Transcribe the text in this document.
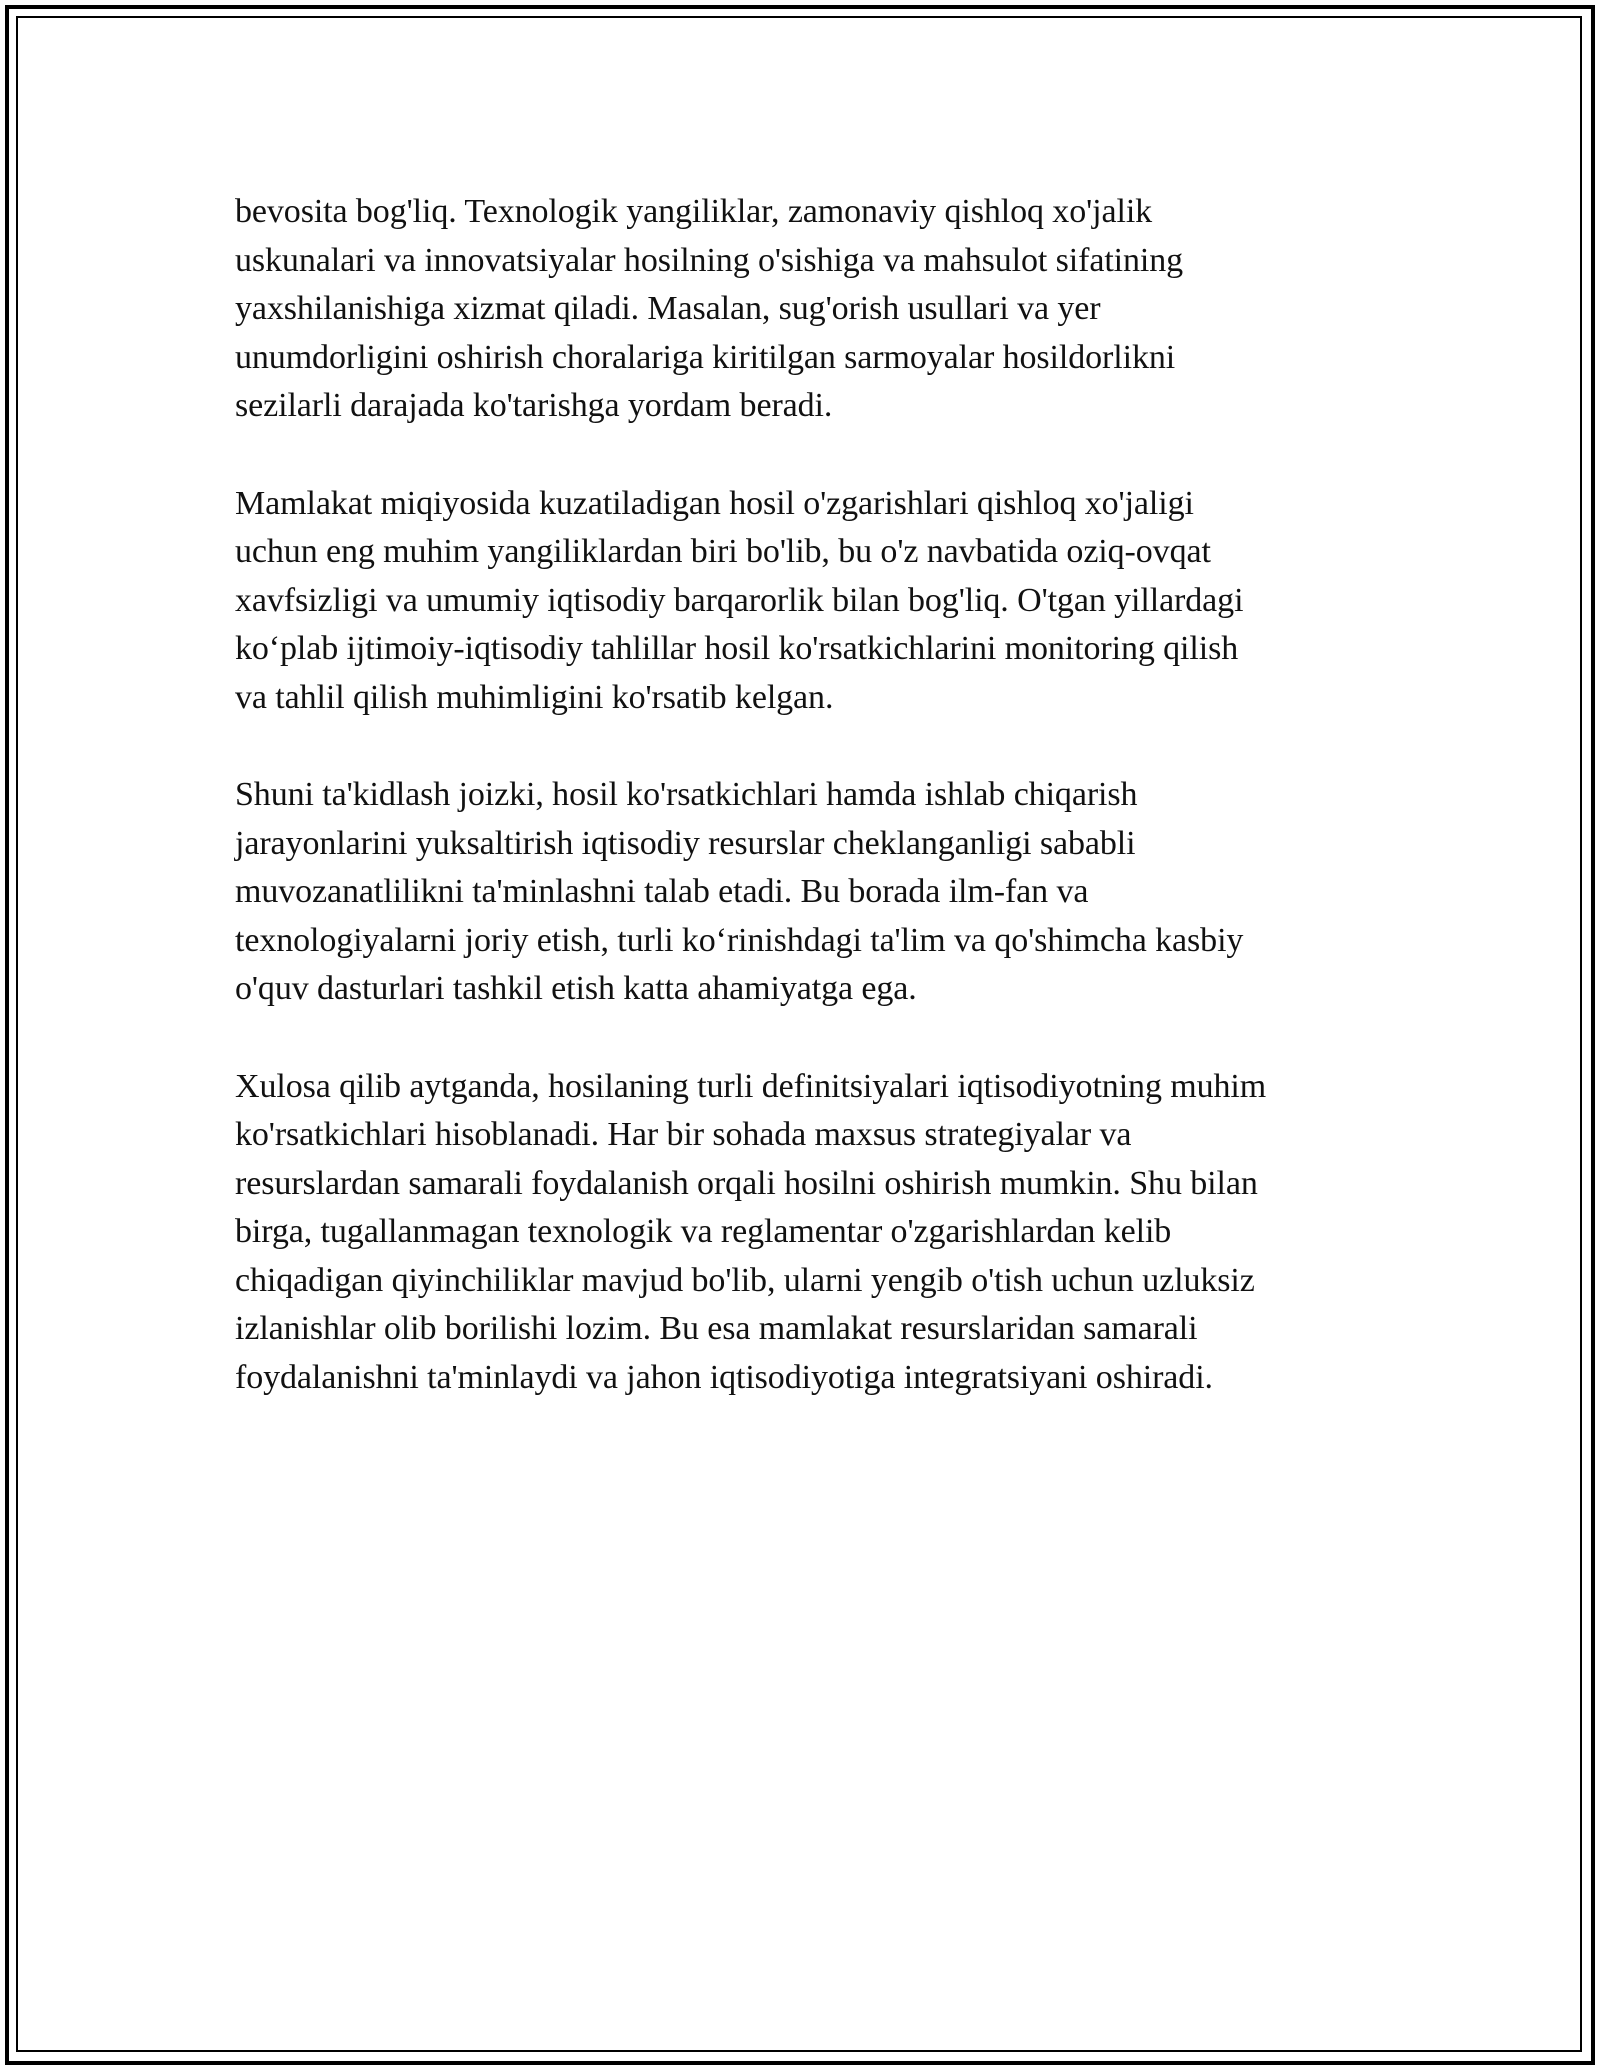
bevosita bog'liq. Texnologik yangiliklar, zamonaviy qishloq xo'jalik
uskunalari va innovatsiyalar hosilning o'sishiga va mahsulot sifatining
yaxshilanishiga xizmat qiladi. Masalan, sug'orish usullari va yer
unumdorligini oshirish choralariga kiritilgan sarmoyalar hosildorlikni
sezilarli darajada ko'tarishga yordam beradi.

Mamlakat miqiyosida kuzatiladigan hosil o'zgarishlari qishloq xo'jaligi
uchun eng muhim yangiliklardan biri bo'lib, bu o'z navbatida oziq-ovqat
xavfsizligi va umumiy iqtisodiy barqarorlik bilan bog'liq. O'tgan yillardagi
ko‘plab ijtimoiy-iqtisodiy tahlillar hosil ko'rsatkichlarini monitoring qilish
va tahlil qilish muhimligini ko'rsatib kelgan.

Shuni ta'kidlash joizki, hosil ko'rsatkichlari hamda ishlab chiqarish
jarayonlarini yuksaltirish iqtisodiy resurslar cheklanganligi sababli
muvozanatlilikni ta'minlashni talab etadi. Bu borada ilm-fan va
texnologiyalarni joriy etish, turli ko‘rinishdagi ta'lim va qo'shimcha kasbiy
o'quv dasturlari tashkil etish katta ahamiyatga ega.

Xulosa qilib aytganda, hosilaning turli definitsiyalari iqtisodiyotning muhim
ko'rsatkichlari hisoblanadi. Har bir sohada maxsus strategiyalar va
resurslardan samarali foydalanish orqali hosilni oshirish mumkin. Shu bilan
birga, tugallanmagan texnologik va reglamentar o'zgarishlardan kelib
chiqadigan qiyinchiliklar mavjud bo'lib, ularni yengib o'tish uchun uzluksiz
izlanishlar olib borilishi lozim. Bu esa mamlakat resurslaridan samarali
foydalanishni ta'minlaydi va jahon iqtisodiyotiga integratsiyani oshiradi.
